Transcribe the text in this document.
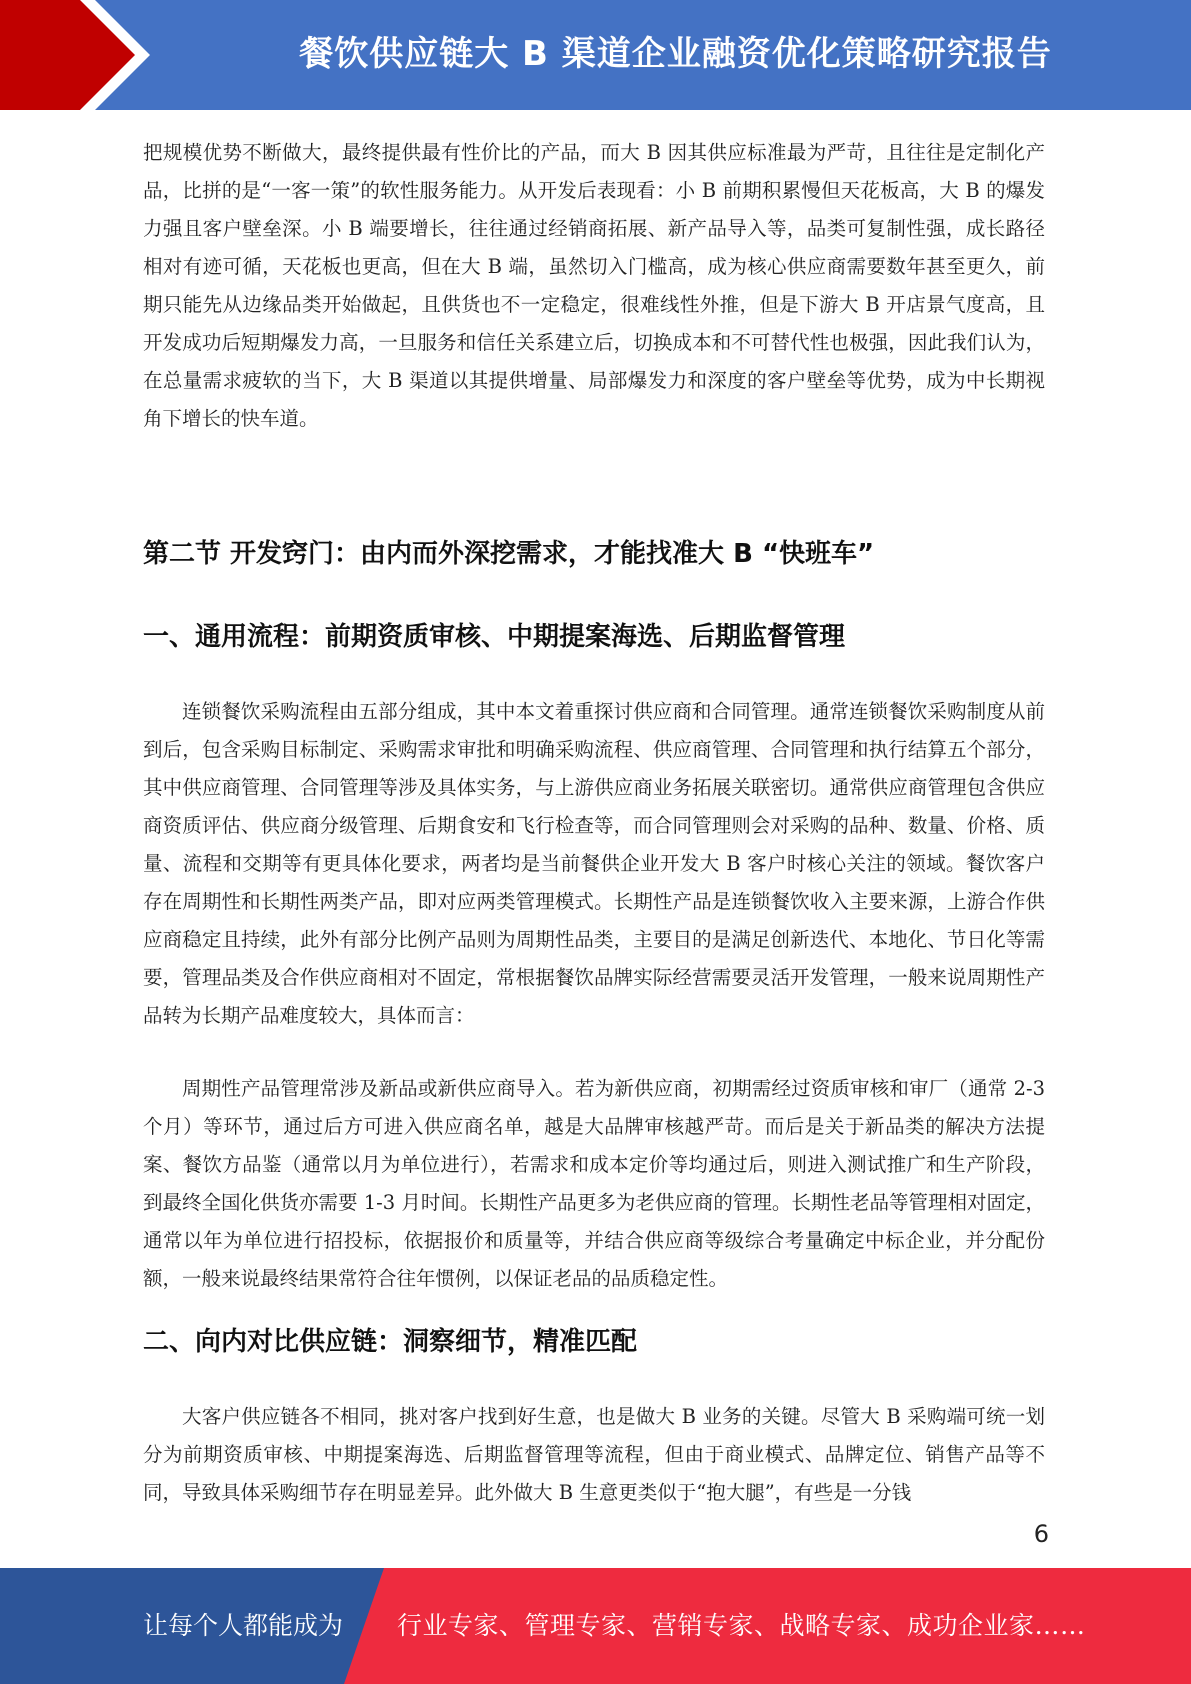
餐饮供应链大 B 渠道企业融资优化策略研究报告

把规模优势不断做大，最终提供最有性价比的产品，而大 B 因其供应标准最为严苛，且往往是定制化产品，比拼的是“一客一策”的软性服务能力。从开发后表现看：小 B 前期积累慢但天花板高，大 B 的爆发力强且客户壁垒深。小 B 端要增长，往往通过经销商拓展、新产品导入等，品类可复制性强，成长路径相对有迹可循，天花板也更高，但在大 B 端，虽然切入门槛高，成为核心供应商需要数年甚至更久，前期只能先从边缘品类开始做起，且供货也不一定稳定，很难线性外推，但是下游大 B 开店景气度高，且开发成功后短期爆发力高，一旦服务和信任关系建立后，切换成本和不可替代性也极强，因此我们认为，在总量需求疲软的当下，大 B 渠道以其提供增量、局部爆发力和深度的客户壁垒等优势，成为中长期视角下增长的快车道。

第二节 开发窍门：由内而外深挖需求，才能找准大 B “快班车”
一、通用流程：前期资质审核、中期提案海选、后期监督管理

连锁餐饮采购流程由五部分组成，其中本文着重探讨供应商和合同管理。通常连锁餐饮采购制度从前到后，包含采购目标制定、采购需求审批和明确采购流程、供应商管理、合同管理和执行结算五个部分，其中供应商管理、合同管理等涉及具体实务，与上游供应商业务拓展关联密切。通常供应商管理包含供应商资质评估、供应商分级管理、后期食安和飞行检查等，而合同管理则会对采购的品种、数量、价格、质量、流程和交期等有更具体化要求，两者均是当前餐供企业开发大 B 客户时核心关注的领域。餐饮客户存在周期性和长期性两类产品，即对应两类管理模式。长期性产品是连锁餐饮收入主要来源，上游合作供应商稳定且持续，此外有部分比例产品则为周期性品类，主要目的是满足创新迭代、本地化、节日化等需要，管理品类及合作供应商相对不固定，常根据餐饮品牌实际经营需要灵活开发管理，一般来说周期性产品转为长期产品难度较大，具体而言：

周期性产品管理常涉及新品或新供应商导入。若为新供应商，初期需经过资质审核和审厂（通常 2-3 个月）等环节，通过后方可进入供应商名单，越是大品牌审核越严苛。而后是关于新品类的解决方法提案、餐饮方品鉴（通常以月为单位进行），若需求和成本定价等均通过后，则进入测试推广和生产阶段，到最终全国化供货亦需要 1-3 月时间。长期性产品更多为老供应商的管理。长期性老品等管理相对固定，通常以年为单位进行招投标，依据报价和质量等，并结合供应商等级综合考量确定中标企业，并分配份额，一般来说最终结果常符合往年惯例，以保证老品的品质稳定性。

二、向内对比供应链：洞察细节，精准匹配

大客户供应链各不相同，挑对客户找到好生意，也是做大 B 业务的关键。尽管大 B 采购端可统一划分为前期资质审核、中期提案海选、后期监督管理等流程，但由于商业模式、品牌定位、销售产品等不同，导致具体采购细节存在明显差异。此外做大 B 生意更类似于“抱大腿”，有些是一分钱

6
让每个人都能成为 行业专家、管理专家、营销专家、战略专家、成功企业家……
